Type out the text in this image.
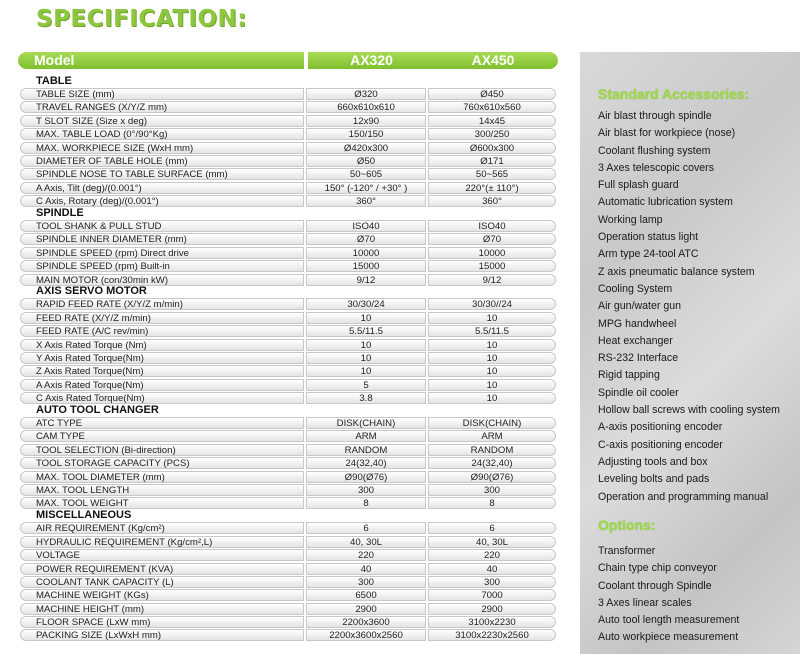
SPECIFICATION:
Model	AX320	AX450
TABLE
TABLE SIZE (mm)	Ø320	Ø450
TRAVEL RANGES (X/Y/Z mm)	660x610x610	760x610x560
T SLOT SIZE (Size x deg)	12x90	14x45
MAX. TABLE LOAD (0°/90°Kg)	150/150	300/250
MAX. WORKPIECE SIZE (WxH mm)	Ø420x300	Ø600x300
DIAMETER OF TABLE HOLE (mm)	Ø50	Ø171
SPINDLE NOSE TO TABLE SURFACE (mm)	50~605	50~565
A Axis, Tilt (deg)/(0.001°)	150° (-120° / +30° )	220°(± 110°)
C Axis, Rotary (deg)/(0.001°)	360°	360°
SPINDLE
TOOL SHANK & PULL STUD	ISO40	ISO40
SPINDLE INNER DIAMETER (mm)	Ø70	Ø70
SPINDLE SPEED (rpm) Direct drive	10000	10000
SPINDLE SPEED (rpm) Built-in	15000	15000
MAIN MOTOR (con/30min kW)	9/12	9/12
AXIS SERVO MOTOR
RAPID FEED RATE (X/Y/Z m/min)	30/30/24	30/30//24
FEED RATE (X/Y/Z m/min)	10	10
FEED RATE (A/C rev/min)	5.5/11.5	5.5/11.5
X Axis Rated Torque (Nm)	10	10
Y Axis Rated Torque(Nm)	10	10
Z Axis Rated Torque(Nm)	10	10
A Axis Rated Torque(Nm)	5	10
C Axis Rated Torque(Nm)	3.8	10
AUTO TOOL CHANGER
ATC TYPE	DISK(CHAIN)	DISK(CHAIN)
CAM TYPE	ARM	ARM
TOOL SELECTION (Bi-direction)	RANDOM	RANDOM
TOOL STORAGE CAPACITY (PCS)	24(32,40)	24(32,40)
MAX. TOOL DIAMETER (mm)	Ø90(Ø76)	Ø90(Ø76)
MAX. TOOL LENGTH	300	300
MAX. TOOL WEIGHT	8	8
MISCELLANEOUS
AIR REQUIREMENT (Kg/cm²)	6	6
HYDRAULIC REQUIREMENT (Kg/cm²,L)	40, 30L	40, 30L
VOLTAGE	220	220
POWER REQUIREMENT (KVA)	40	40
COOLANT TANK CAPACITY (L)	300	300
MACHINE WEIGHT (KGs)	6500	7000
MACHINE HEIGHT (mm)	2900	2900
FLOOR SPACE (LxW mm)	2200x3600	3100x2230
PACKING SIZE (LxWxH mm)	2200x3600x2560	3100x2230x2560
Standard Accessories:
Air blast through spindle
Air blast for workpiece (nose)
Coolant flushing system
3 Axes telescopic covers
Full splash guard
Automatic lubrication system
Working lamp
Operation status light
Arm type 24-tool ATC
Z axis pneumatic balance system
Cooling System
Air gun/water gun
MPG handwheel
Heat exchanger
RS-232 Interface
Rigid tapping
Spindle oil cooler
Hollow ball screws with cooling system
A-axis positioning encoder
C-axis positioning encoder
Adjusting tools and box
Leveling bolts and pads
Operation and programming manual
Options:
Transformer
Chain type chip conveyor
Coolant through Spindle
3 Axes linear scales
Auto tool length measurement
Auto workpiece measurement
